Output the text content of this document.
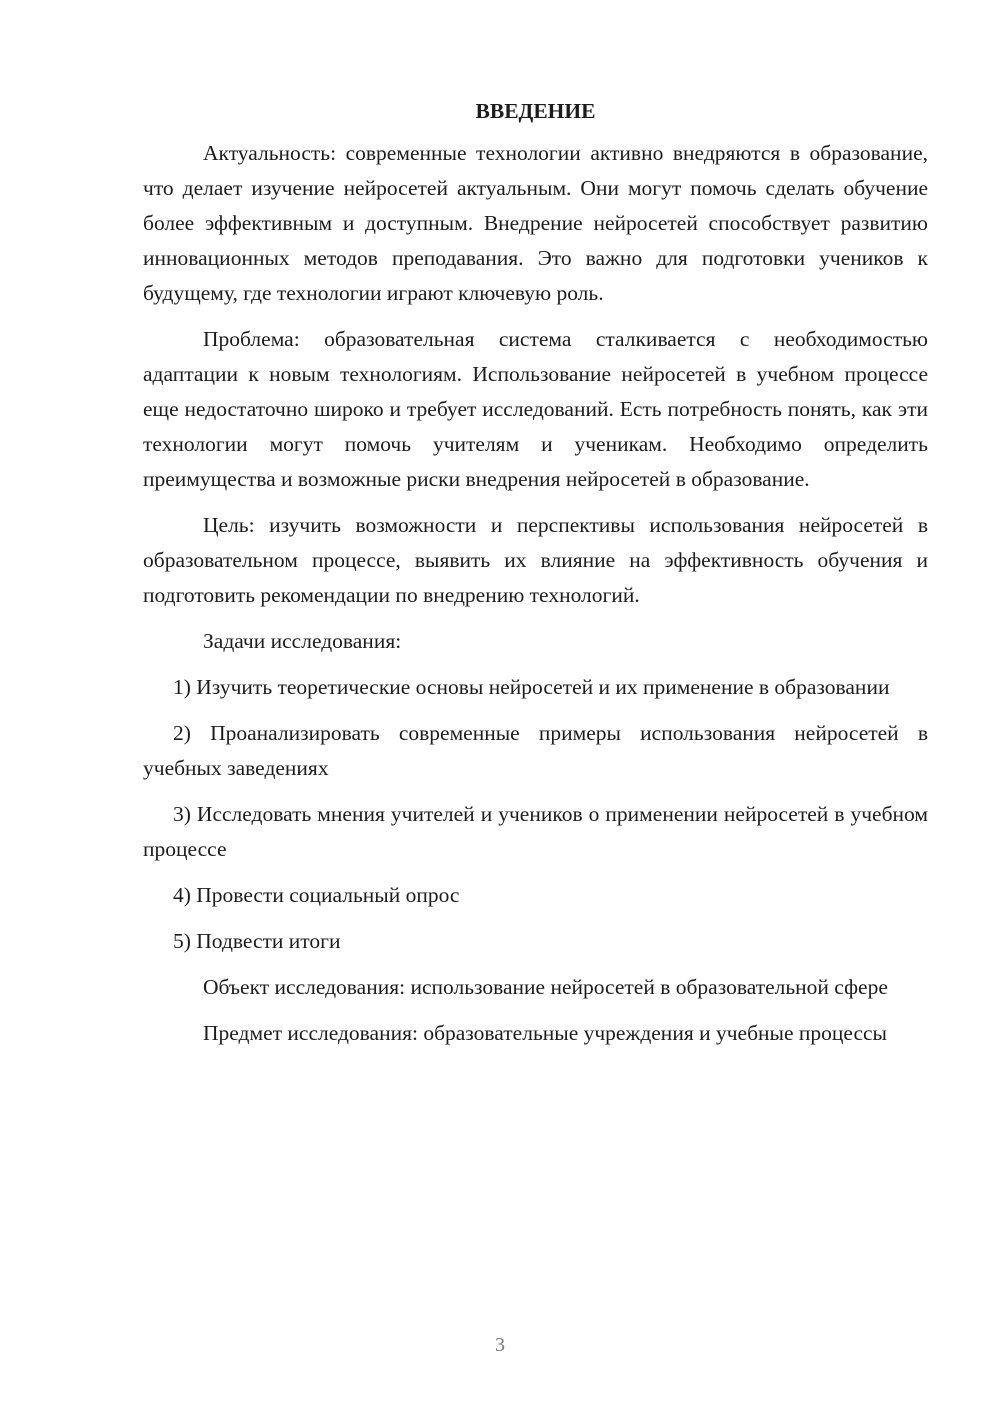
ВВЕДЕНИЕ

Актуальность: современные технологии активно внедряются в образование, что делает изучение нейросетей актуальным. Они могут помочь сделать обучение более эффективным и доступным. Внедрение нейросетей способствует развитию инновационных методов преподавания. Это важно для подготовки учеников к будущему, где технологии играют ключевую роль.

Проблема: образовательная система сталкивается с необходимостью адаптации к новым технологиям. Использование нейросетей в учебном процессе еще недостаточно широко и требует исследований. Есть потребность понять, как эти технологии могут помочь учителям и ученикам. Необходимо определить преимущества и возможные риски внедрения нейросетей в образование.

Цель: изучить возможности и перспективы использования нейросетей в образовательном процессе, выявить их влияние на эффективность обучения и подготовить рекомендации по внедрению технологий.

Задачи исследования:

1) Изучить теоретические основы нейросетей и их применение в образовании

2) Проанализировать современные примеры использования нейросетей в учебных заведениях

3) Исследовать мнения учителей и учеников о применении нейросетей в учебном процессе

4) Провести социальный опрос

5) Подвести итоги

Объект исследования: использование нейросетей в образовательной сфере

Предмет исследования: образовательные учреждения и учебные процессы

3
